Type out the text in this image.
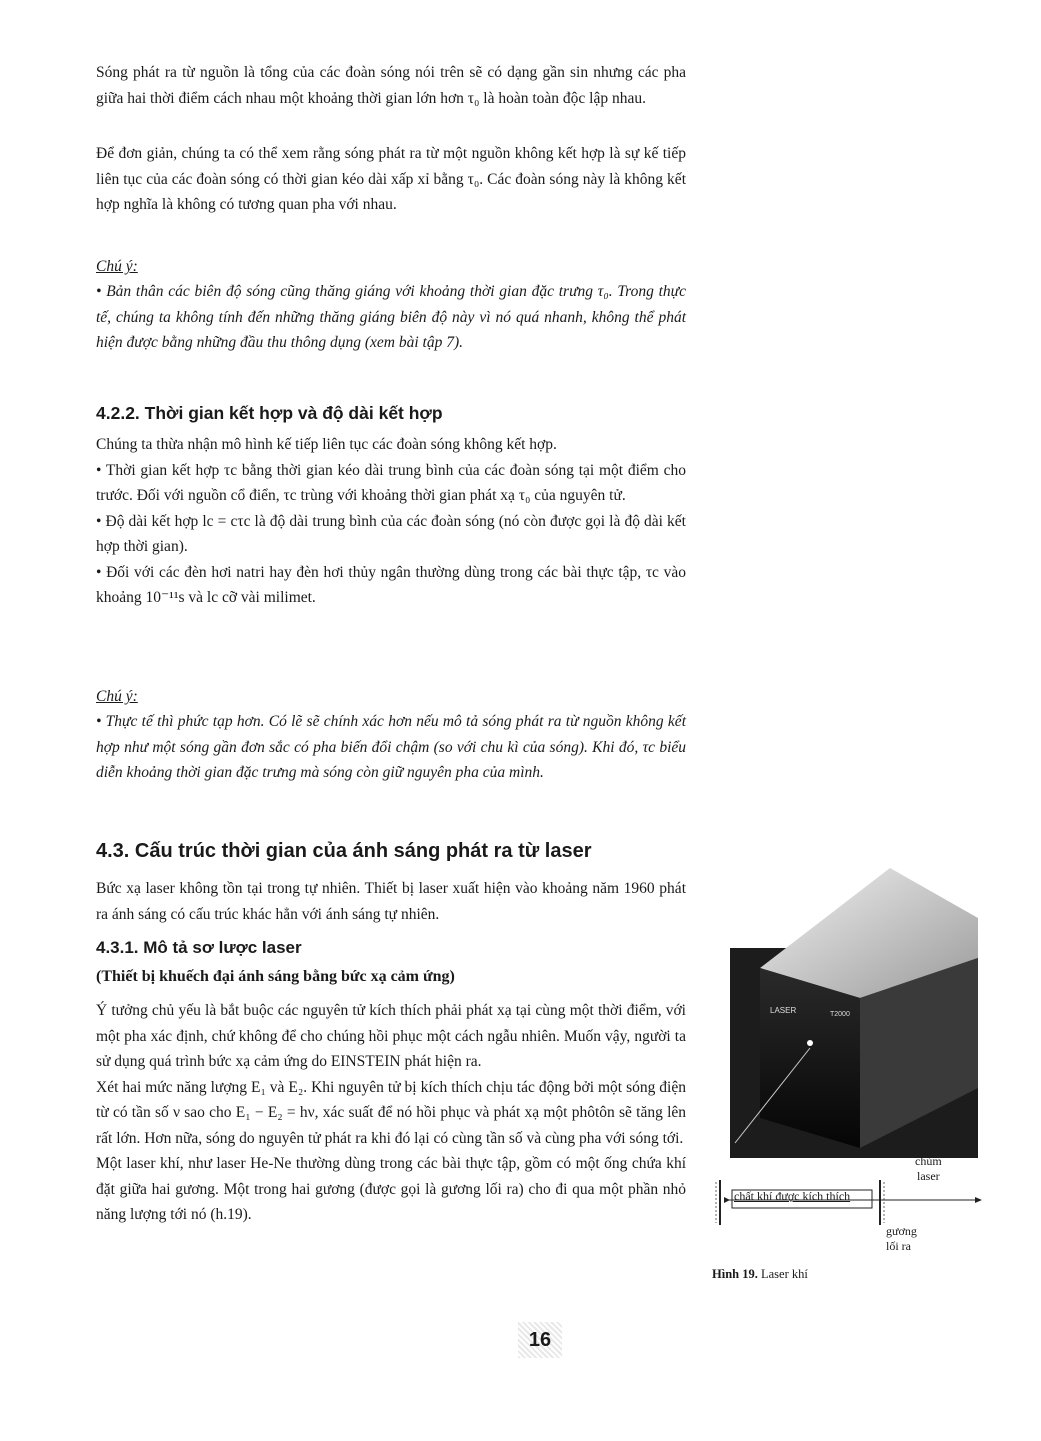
Sóng phát ra từ nguồn là tổng của các đoàn sóng nói trên sẽ có dạng gần sin nhưng các pha giữa hai thời điểm cách nhau một khoảng thời gian lớn hơn τ₀ là hoàn toàn độc lập nhau.

Để đơn giản, chúng ta có thể xem rằng sóng phát ra từ một nguồn không kết hợp là sự kế tiếp liên tục của các đoàn sóng có thời gian kéo dài xấp xỉ bằng τ₀. Các đoàn sóng này là không kết hợp nghĩa là không có tương quan pha với nhau.

Chú ý:

• Bản thân các biên độ sóng cũng thăng giáng với khoảng thời gian đặc trưng τ₀. Trong thực tế, chúng ta không tính đến những thăng giáng biên độ này vì nó quá nhanh, không thể phát hiện được bằng những đầu thu thông dụng (xem bài tập 7).

4.2.2. Thời gian kết hợp và độ dài kết hợp

Chúng ta thừa nhận mô hình kế tiếp liên tục các đoàn sóng không kết hợp.

• Thời gian kết hợp τc bằng thời gian kéo dài trung bình của các đoàn sóng tại một điểm cho trước. Đối với nguồn cổ điển, τc trùng với khoảng thời gian phát xạ τ₀ của nguyên tử.

• Độ dài kết hợp lc = cτc là độ dài trung bình của các đoàn sóng (nó còn được gọi là độ dài kết hợp thời gian).

• Đối với các đèn hơi natri hay đèn hơi thủy ngân thường dùng trong các bài thực tập, τc vào khoảng 10⁻¹¹s và lc cỡ vài milimet.

Chú ý:

• Thực tế thì phức tạp hơn. Có lẽ sẽ chính xác hơn nếu mô tả sóng phát ra từ nguồn không kết hợp như một sóng gần đơn sắc có pha biến đổi chậm (so với chu kì của sóng). Khi đó, τc biểu diễn khoảng thời gian đặc trưng mà sóng còn giữ nguyên pha của mình.

4.3. Cấu trúc thời gian của ánh sáng phát ra từ laser

Bức xạ laser không tồn tại trong tự nhiên. Thiết bị laser xuất hiện vào khoảng năm 1960 phát ra ánh sáng có cấu trúc khác hẳn với ánh sáng tự nhiên.

4.3.1. Mô tả sơ lược laser
(Thiết bị khuếch đại ánh sáng bằng bức xạ cảm ứng)

Ý tưởng chủ yếu là bắt buộc các nguyên tử kích thích phải phát xạ tại cùng một thời điểm, với một pha xác định, chứ không để cho chúng hồi phục một cách ngẫu nhiên. Muốn vậy, người ta sử dụng quá trình bức xạ cảm ứng do EINSTEIN phát hiện ra.

Xét hai mức năng lượng E₁ và E₂. Khi nguyên tử bị kích thích chịu tác động bởi một sóng điện từ có tần số ν sao cho E₁ − E₂ = hν, xác suất để nó hồi phục và phát xạ một phôtôn sẽ tăng lên rất lớn. Hơn nữa, sóng do nguyên tử phát ra khi đó lại có cùng tần số và cùng pha với sóng tới.

Một laser khí, như laser He-Ne thường dùng trong các bài thực tập, gồm có một ống chứa khí đặt giữa hai gương. Một trong hai gương (được gọi là gương lối ra) cho đi qua một phần nhỏ năng lượng tới nó (h.19).

LASER	T2000
chất khí được kích thích
chùm
laser
gương
lối ra
Hình 19. Laser khí
16
